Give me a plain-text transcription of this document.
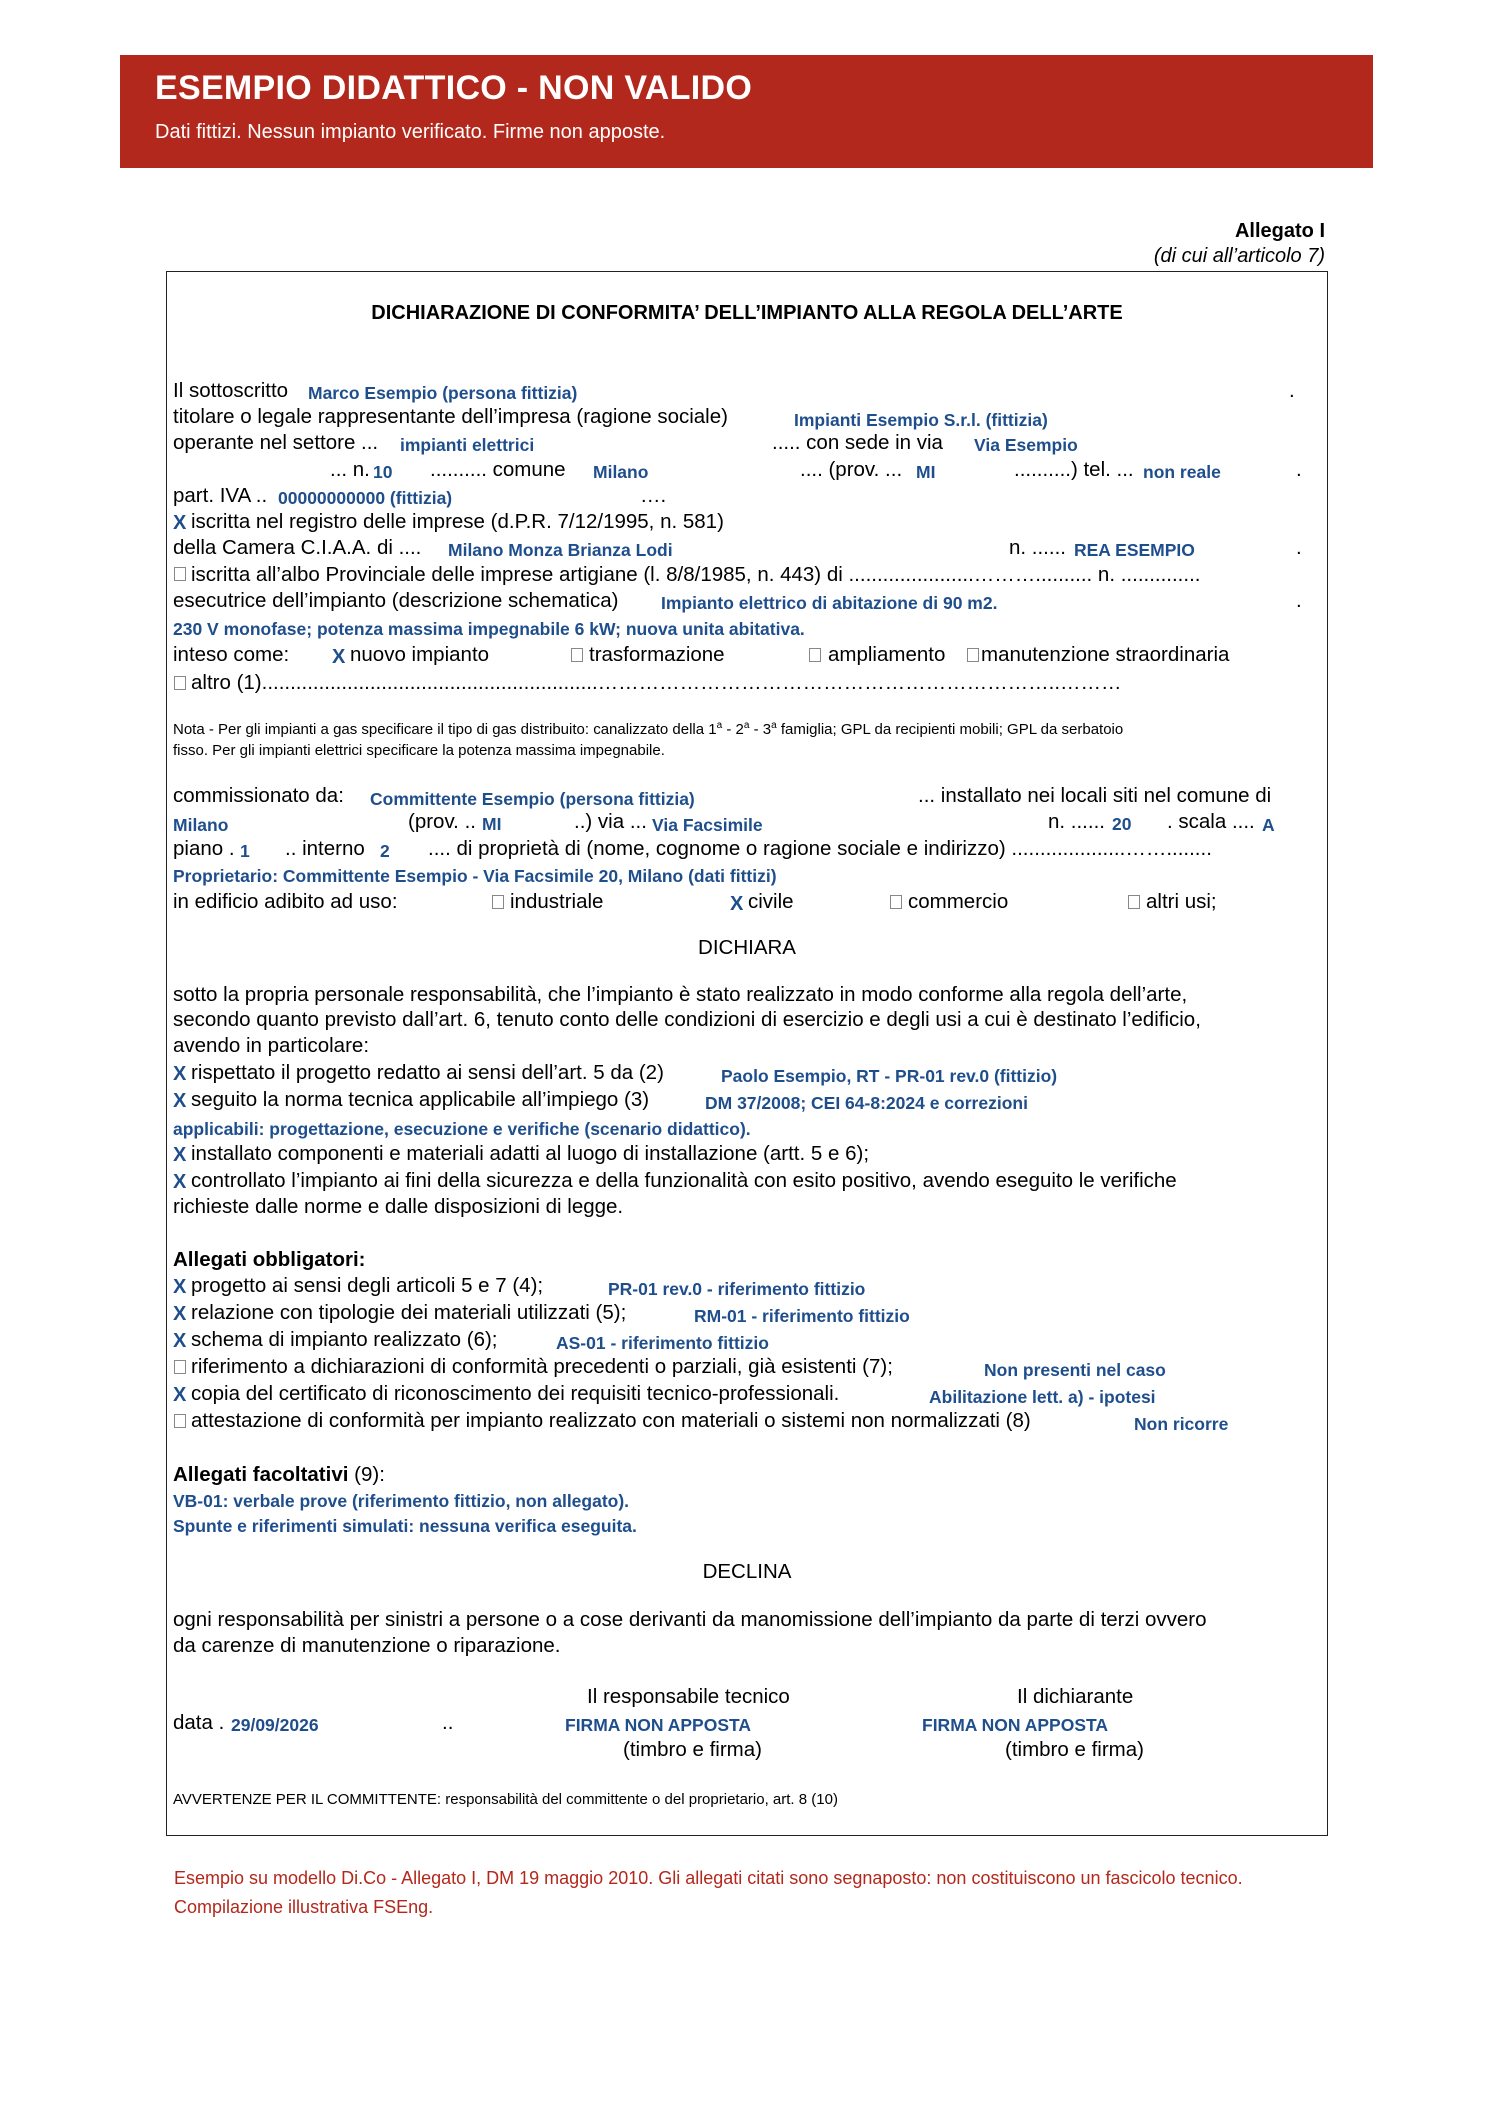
ESEMPIO DIDATTICO - NON VALIDO
Dati fittizi. Nessun impianto verificato. Firme non apposte.
Allegato I
(di cui all’articolo 7)
DICHIARAZIONE DI CONFORMITA’ DELL’IMPIANTO ALLA REGOLA DELL’ARTE
Il sottoscritto Marco Esempio (persona fittizia)	.
titolare o legale rappresentante dell’impresa (ragione sociale)	Impianti Esempio S.r.l. (fittizia)
operante nel settore ... impianti elettrici	..... con sede in via Via Esempio
... n. 10 .......... comune Milano	.... (prov. ... MI	..........) tel. ... non reale	.
part. IVA .. 00000000000 (fittizia)	….
X iscritta nel registro delle imprese (d.P.R. 7/12/1995, n. 581)
della Camera C.I.A.A. di .... Milano Monza Brianza Lodi	n. ...... REA ESEMPIO	.
iscritta all’albo Provinciale delle imprese artigiane (l. 8/8/1985, n. 443) di ......................……….......... n. ..............
esecutrice dell’impianto (descrizione schematica) Impianto elettrico di abitazione di 90 m2.	.
230 V monofase; potenza massima impegnabile 6 kW; nuova unita abitativa.
inteso come: X nuovo impianto	trasformazione	ampliamento manutenzione straordinaria
altro (1)...........................................................…………………………………………………………..………
Nota - Per gli impianti a gas specificare il tipo di gas distribuito: canalizzato della 1$^a$ - 2$^a$ - 3$^a$ famiglia; GPL da recipienti mobili; GPL da serbatoio
fisso. Per gli impianti elettrici specificare la potenza massima impegnabile.
commissionato da: Committente Esempio (persona fittizia)	... installato nei locali siti nel comune di
Milano	(prov. .. MI	..) via ... Via Facsimile	n. ...... 20 . scala .... A
piano . 1 .. interno 2 .... di proprietà di (nome, cognome o ragione sociale e indirizzo) ....................……........
Proprietario: Committente Esempio - Via Facsimile 20, Milano (dati fittizi)
in edificio adibito ad uso:	industriale	X civile	commercio	altri usi;
DICHIARA
sotto la propria personale responsabilità, che l’impianto è stato realizzato in modo conforme alla regola dell’arte,
secondo quanto previsto dall’art. 6, tenuto conto delle condizioni di esercizio e degli usi a cui è destinato l’edificio,
avendo in particolare:
X rispettato il progetto redatto ai sensi dell’art. 5 da (2)	Paolo Esempio, RT - PR-01 rev.0 (fittizio)
X seguito la norma tecnica applicabile all’impiego (3)	DM 37/2008; CEI 64-8:2024 e correzioni
applicabili: progettazione, esecuzione e verifiche (scenario didattico).
X installato componenti e materiali adatti al luogo di installazione (artt. 5 e 6);
X controllato l’impianto ai fini della sicurezza e della funzionalità con esito positivo, avendo eseguito le verifiche
richieste dalle norme e dalle disposizioni di legge.
Allegati obbligatori:
X progetto ai sensi degli articoli 5 e 7 (4);	PR-01 rev.0 - riferimento fittizio
X relazione con tipologie dei materiali utilizzati (5);	RM-01 - riferimento fittizio
X schema di impianto realizzato (6);	AS-01 - riferimento fittizio
riferimento a dichiarazioni di conformità precedenti o parziali, già esistenti (7);	Non presenti nel caso
X copia del certificato di riconoscimento dei requisiti tecnico-professionali.	Abilitazione lett. a) - ipotesi
attestazione di conformità per impianto realizzato con materiali o sistemi non normalizzati (8)	Non ricorre
Allegati facoltativi (9):
VB-01: verbale prove (riferimento fittizio, non allegato).
Spunte e riferimenti simulati: nessuna verifica eseguita.
DECLINA
ogni responsabilità per sinistri a persone o a cose derivanti da manomissione dell’impianto da parte di terzi ovvero
da carenze di manutenzione o riparazione.
Il responsabile tecnico	Il dichiarante
data . 29/09/2026	..	FIRMA NON APPOSTA	FIRMA NON APPOSTA
(timbro e firma)	(timbro e firma)
AVVERTENZE PER IL COMMITTENTE: responsabilità del committente o del proprietario, art. 8 (10)
Esempio su modello Di.Co - Allegato I, DM 19 maggio 2010. Gli allegati citati sono segnaposto: non costituiscono un fascicolo tecnico. Compilazione illustrativa FSEng.
